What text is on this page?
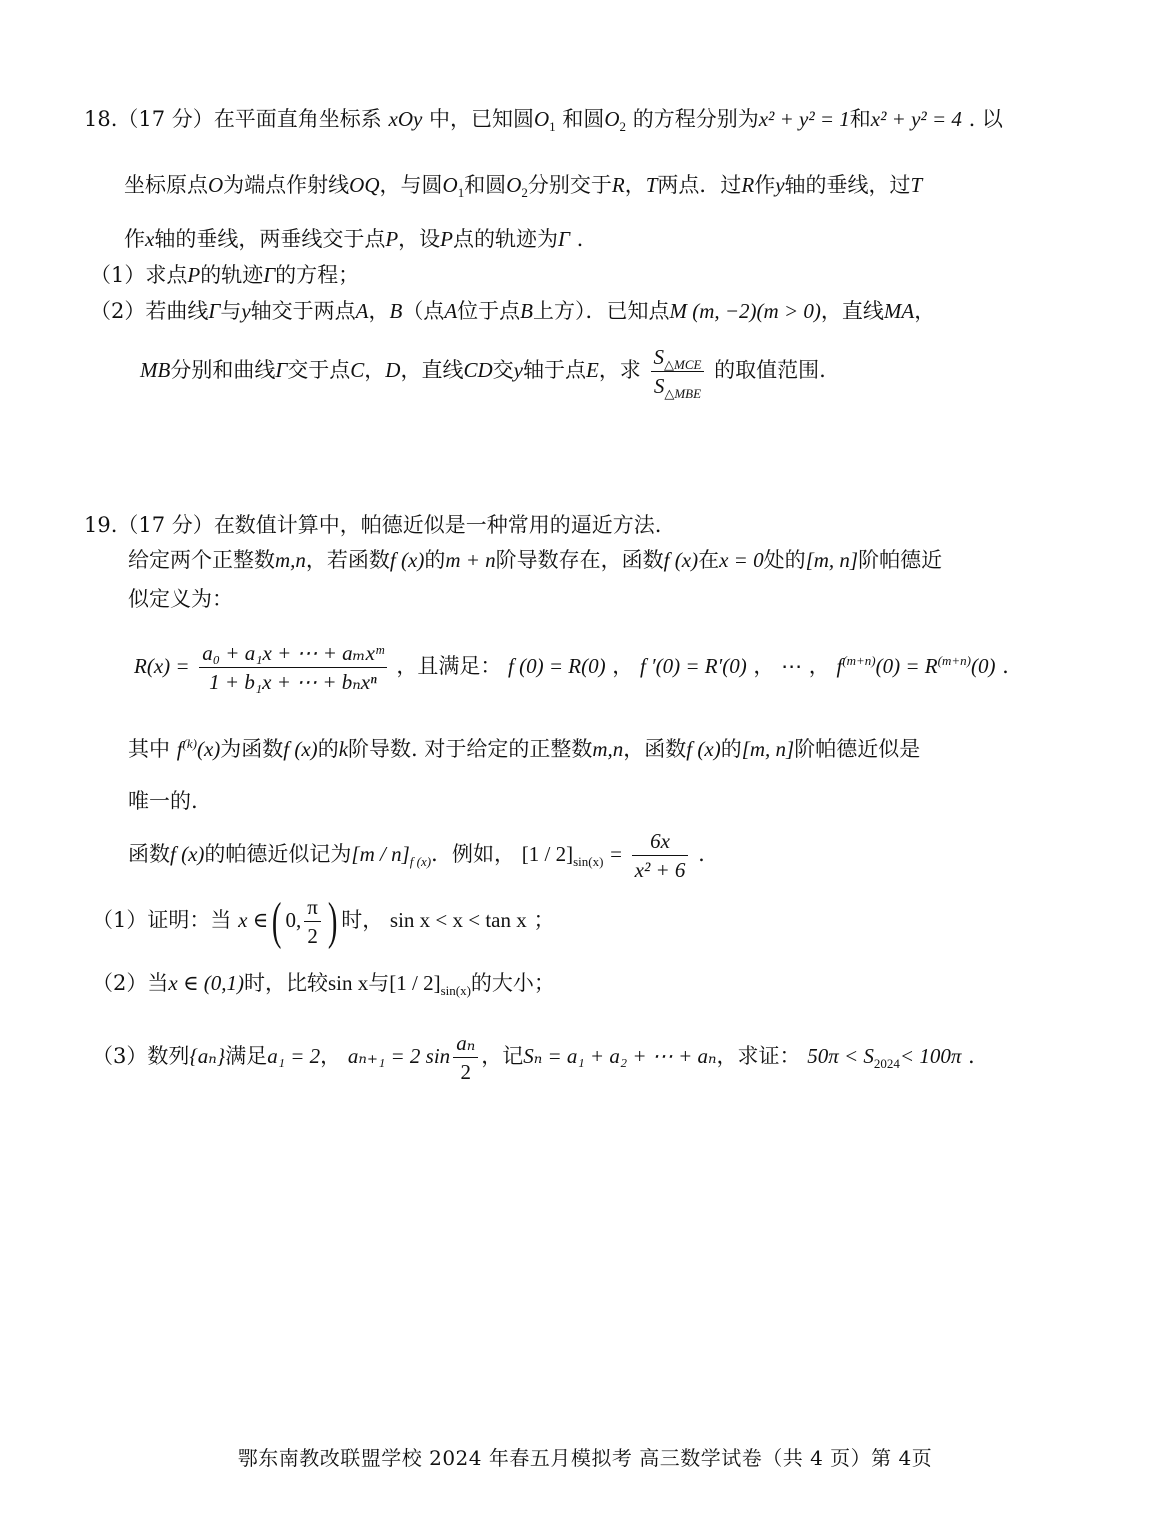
18.（17 分）在平面直角坐标系 xOy 中，已知圆$O_1$ 和圆$O_2$ 的方程分别为x² + y² = 1和x² + y² = 4 . 以
坐标原点O为端点作射线OQ，与圆$O_1$和圆$O_2$分别交于R，T两点．过R作y轴的垂线，过T
作x轴的垂线，两垂线交于点P，设P点的轨迹为Γ .
（1）求点P的轨迹Γ的方程；
（2）若曲线Γ与y轴交于两点A，B（点A位于点B上方）．已知点M (m, −2)(m > 0)，直线MA，
MB分别和曲线Γ交于点C，D，直线CD交y轴于点E，求 $\frac{S_{\triangle MCE}}{S_{\triangle MBE}}$ 的取值范围.
19.（17 分）在数值计算中，帕德近似是一种常用的逼近方法.
给定两个正整数m,n，若函数f (x)的m + n阶导数存在，函数f (x)在x = 0处的[m, n]阶帕德近
似定义为：
$R(x) = \frac{\text{a₀ + a₁x + ⋯ + aₘxᵐ}}{\text{1 + b₁x + ⋯ + bₙxⁿ}}$ ，且满足： f (0) = R(0) ， f ′(0) = R′(0) ， ⋯ ， $f^{(m+n)}(0) = R^{(m+n)}(0)$ .
其中 $f^{(k)}(x)$为函数f (x)的k阶导数. 对于给定的正整数m,n，函数f (x)的[m, n]阶帕德近似是
唯一的.
函数f (x)的帕德近似记为$[m / n]_{f (x)}$．例如， $[1 / 2]_{sin(x)} = \frac{6x}{\text{x² + 6}}$ .
（1）证明：当 x ∈( 0, $\frac{\pi}{2}$ ) 时， sin x < x < tan x ；
（2）当x ∈ (0,1)时，比较sin x与$[1 / 2]_{sin(x)}$的大小；
（3）数列{aₙ}满足a₁ = 2， aₙ₊₁ = 2 $\sin \frac{\text{aₙ}}{2}$ ，记Sₙ = a₁ + a₂ + ⋯ + aₙ，求证： $50\pi < S_{2024}< 100\pi$ .
鄂东南教改联盟学校 2024 年春五月模拟考 高三数学试卷（共 4 页）第 4页
